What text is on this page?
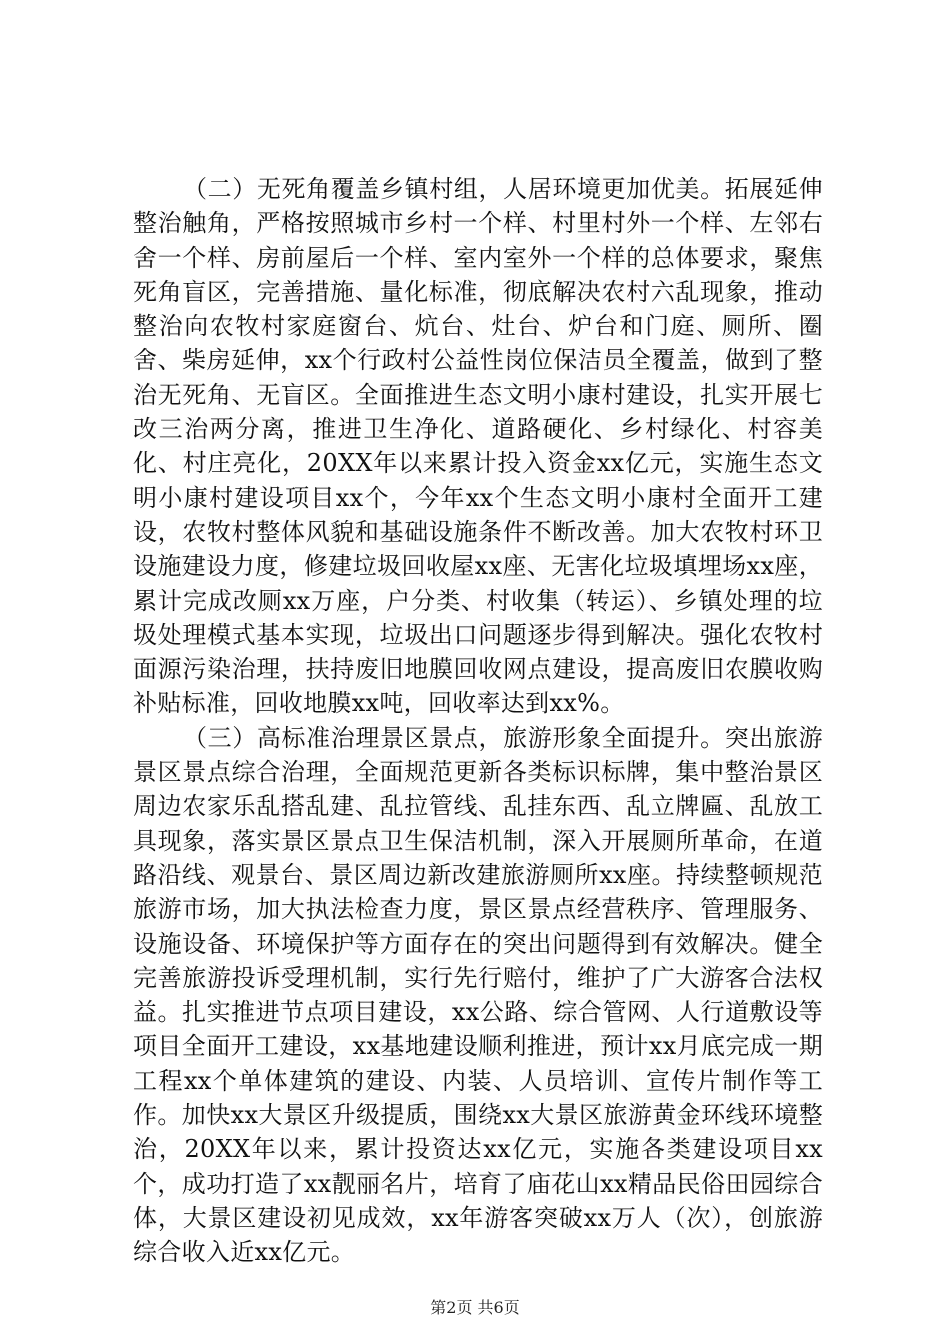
（二）无死角覆盖乡镇村组，人居环境更加优美。拓展延伸整治触角，严格按照城市乡村一个样、村里村外一个样、左邻右舍一个样、房前屋后一个样、室内室外一个样的总体要求，聚焦死角盲区，完善措施、量化标准，彻底解决农村六乱现象，推动整治向农牧村家庭窗台、炕台、灶台、炉台和门庭、厕所、圈舍、柴房延伸，xx个行政村公益性岗位保洁员全覆盖，做到了整治无死角、无盲区。全面推进生态文明小康村建设，扎实开展七改三治两分离，推进卫生净化、道路硬化、乡村绿化、村容美化、村庄亮化，20XX年以来累计投入资金xx亿元，实施生态文明小康村建设项目xx个，今年xx个生态文明小康村全面开工建设，农牧村整体风貌和基础设施条件不断改善。加大农牧村环卫设施建设力度，修建垃圾回收屋xx座、无害化垃圾填埋场xx座，累计完成改厕xx万座，户分类、村收集（转运）、乡镇处理的垃圾处理模式基本实现，垃圾出口问题逐步得到解决。强化农牧村面源污染治理，扶持废旧地膜回收网点建设，提高废旧农膜收购补贴标准，回收地膜xx吨，回收率达到xx%。

（三）高标准治理景区景点，旅游形象全面提升。突出旅游景区景点综合治理，全面规范更新各类标识标牌，集中整治景区周边农家乐乱搭乱建、乱拉管线、乱挂东西、乱立牌匾、乱放工具现象，落实景区景点卫生保洁机制，深入开展厕所革命，在道路沿线、观景台、景区周边新改建旅游厕所xx座。持续整顿规范旅游市场，加大执法检查力度，景区景点经营秩序、管理服务、设施设备、环境保护等方面存在的突出问题得到有效解决。健全完善旅游投诉受理机制，实行先行赔付，维护了广大游客合法权益。扎实推进节点项目建设，xx公路、综合管网、人行道敷设等项目全面开工建设，xx基地建设顺利推进，预计xx月底完成一期工程xx个单体建筑的建设、内装、人员培训、宣传片制作等工作。加快xx大景区升级提质，围绕xx大景区旅游黄金环线环境整治，20XX年以来，累计投资达xx亿元，实施各类建设项目xx个，成功打造了xx靓丽名片，培育了庙花山xx精品民俗田园综合体，大景区建设初见成效，xx年游客突破xx万人（次），创旅游综合收入近xx亿元。

第2页 共6页
